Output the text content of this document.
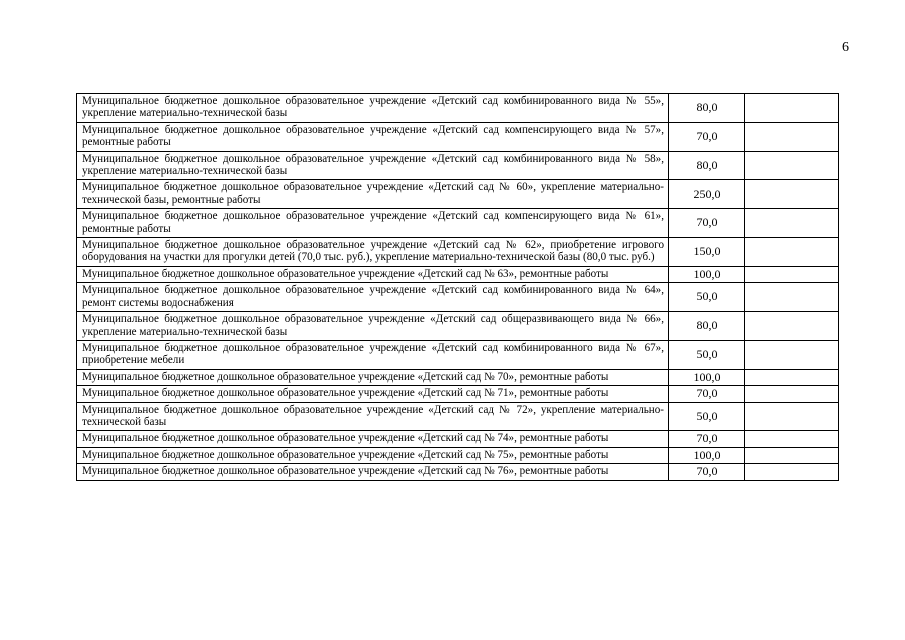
6
Муниципальное бюджетное дошкольное образовательное учреждение «Детский сад комбинированного вида № 55», укрепление материально-технической базы	80,0	
Муниципальное бюджетное дошкольное образовательное учреждение «Детский сад компенсирующего вида № 57», ремонтные работы	70,0	
Муниципальное бюджетное дошкольное образовательное учреждение «Детский сад комбинированного вида № 58», укрепление материально-технической базы	80,0	
Муниципальное бюджетное дошкольное образовательное учреждение «Детский сад № 60», укрепление материально-технической базы, ремонтные работы	250,0	
Муниципальное бюджетное дошкольное образовательное учреждение «Детский сад компенсирующего вида № 61», ремонтные работы	70,0	
Муниципальное бюджетное дошкольное образовательное учреждение «Детский сад № 62», приобретение игрового оборудования на участки для прогулки детей (70,0 тыс. руб.), укрепление материально-технической базы (80,0 тыс. руб.)	150,0	
Муниципальное бюджетное дошкольное образовательное учреждение «Детский сад № 63», ремонтные работы	100,0	
Муниципальное бюджетное дошкольное образовательное учреждение «Детский сад комбинированного вида № 64», ремонт системы водоснабжения	50,0	
Муниципальное бюджетное дошкольное образовательное учреждение «Детский сад общеразвивающего вида № 66», укрепление материально-технической базы	80,0	
Муниципальное бюджетное дошкольное образовательное учреждение «Детский сад комбинированного вида № 67», приобретение мебели	50,0	
Муниципальное бюджетное дошкольное образовательное учреждение «Детский сад № 70», ремонтные работы	100,0	
Муниципальное бюджетное дошкольное образовательное учреждение «Детский сад № 71», ремонтные работы	70,0	
Муниципальное бюджетное дошкольное образовательное учреждение «Детский сад № 72», укрепление материально-технической базы	50,0	
Муниципальное бюджетное дошкольное образовательное учреждение «Детский сад № 74», ремонтные работы	70,0	
Муниципальное бюджетное дошкольное образовательное учреждение «Детский сад № 75», ремонтные работы	100,0	
Муниципальное бюджетное дошкольное образовательное учреждение «Детский сад № 76», ремонтные работы	70,0	
